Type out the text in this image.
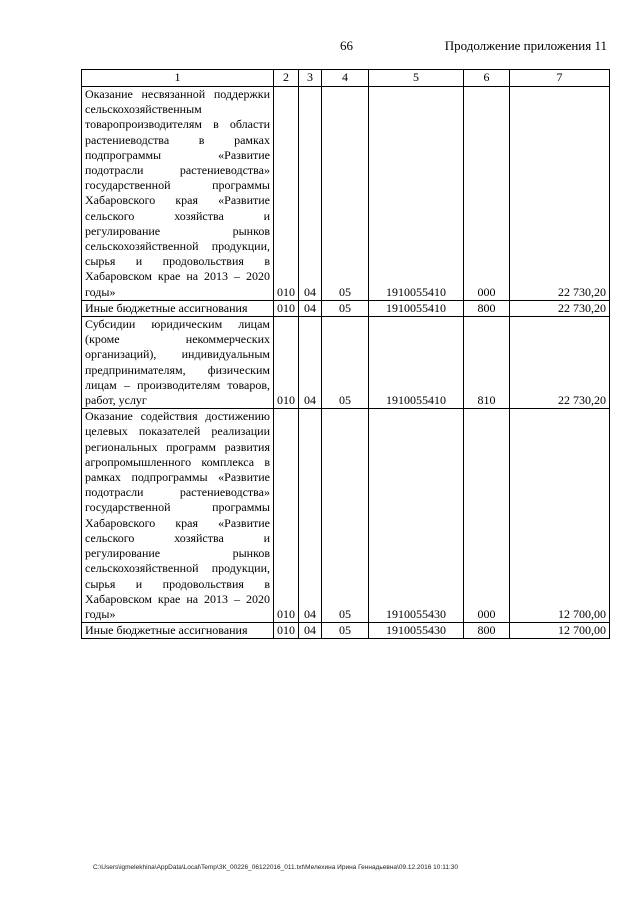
66	Продолжение приложения 11
1	2	3	4	5	6	7
Оказание несвязанной поддержки сельскохозяйственным товаропроизводителям в области растениеводства в рамках подпрограммы «Развитие подотрасли растениеводства» государственной программы Хабаровского края «Развитие сельского хозяйства и регулирование рынков сельскохозяйственной продукции, сырья и продовольствия в Хабаровском крае на 2013 – 2020 годы»	010	04	05	1910055410	000	22 730,20
Иные бюджетные ассигнования	010	04	05	1910055410	800	22 730,20
Субсидии юридическим лицам (кроме некоммерческих организаций), индивидуальным предпринимателям, физическим лицам – производителям товаров, работ, услуг	010	04	05	1910055410	810	22 730,20
Оказание содействия достижению целевых показателей реализации региональных программ развития агропромышленного комплекса в рамках подпрограммы «Развитие подотрасли растениеводства» государственной программы Хабаровского края «Развитие сельского хозяйства и регулирование рынков сельскохозяйственной продукции, сырья и продовольствия в Хабаровском крае на 2013 – 2020 годы»	010	04	05	1910055430	000	12 700,00
Иные бюджетные ассигнования	010	04	05	1910055430	800	12 700,00
C:\Users\igmelekhina\AppData\Local\Temp\ЗК_00226_06122016_011.txt\Мелехина Ирина Геннадьевна\09.12.2016 10:11:30
